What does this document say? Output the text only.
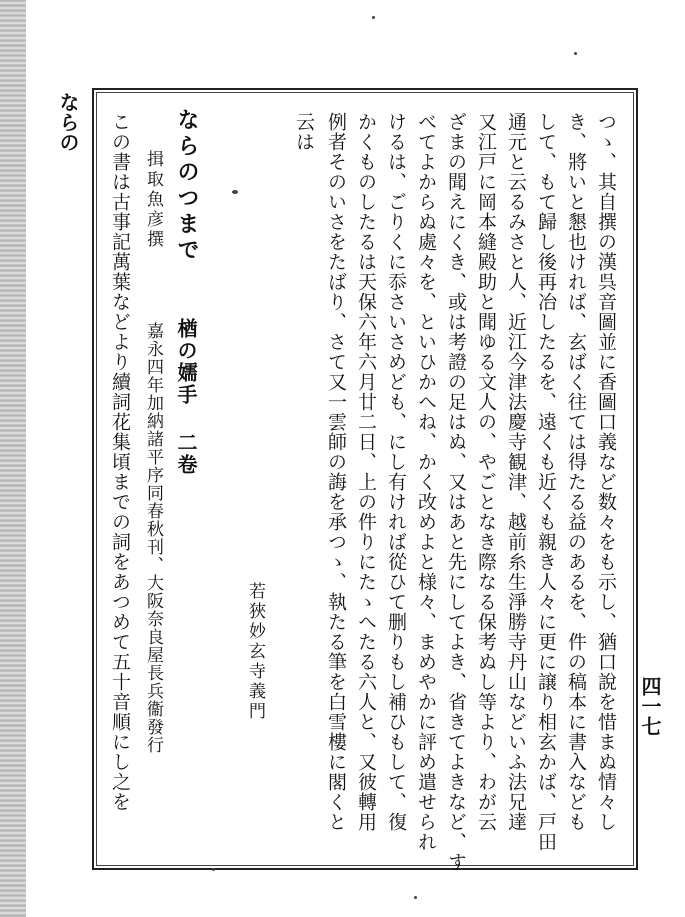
ならの
四一七
つゝ、其自撰の漢呉音圖並に香圖口義など数々をも示し、猶口說を惜まぬ情々し
き、將いと懇也ければ、玄ばく往ては得たる益のあるを、件の稿本に書入なども
して、もて歸し後再冶したるを、遠くも近くも親き人々に更に譲り相玄かば、戸田
通元と云るみさと人、近江今津法慶寺観津、越前糸生淨勝寺丹山などいふ法兄達
又江戸に岡本縫殿助と聞ゆる文人の、やごとなき際なる保考ぬし等より、わが云
ざまの聞えにくき、或は考證の足はぬ、又はあと先にしてよき、省きてよきなど、す
べてよからぬ處々を、といひかへね、かく改めよと様々、まめやかに評め遣せられ
けるは、ごりくに忝さいさめども、にし有ければ從ひて删りもし補ひもして、復
かくものしたるは天保六年六月廿二日、上の件りにたゝへたる六人と、又彼轉用
例者そのいさをたばり、さて又一雲師の誨を承つゝ、執たる筆を白雪樓に閣くと
云は
若狹妙玄寺義門
ならのつまで
楢の嬬手 二卷
揖取魚彦撰
嘉永四年加納諸平序同春秋刊、大阪奈良屋長兵衞發行
この書は古事記萬葉などより續詞花集頃までの詞をあつめて五十音順にし之を
